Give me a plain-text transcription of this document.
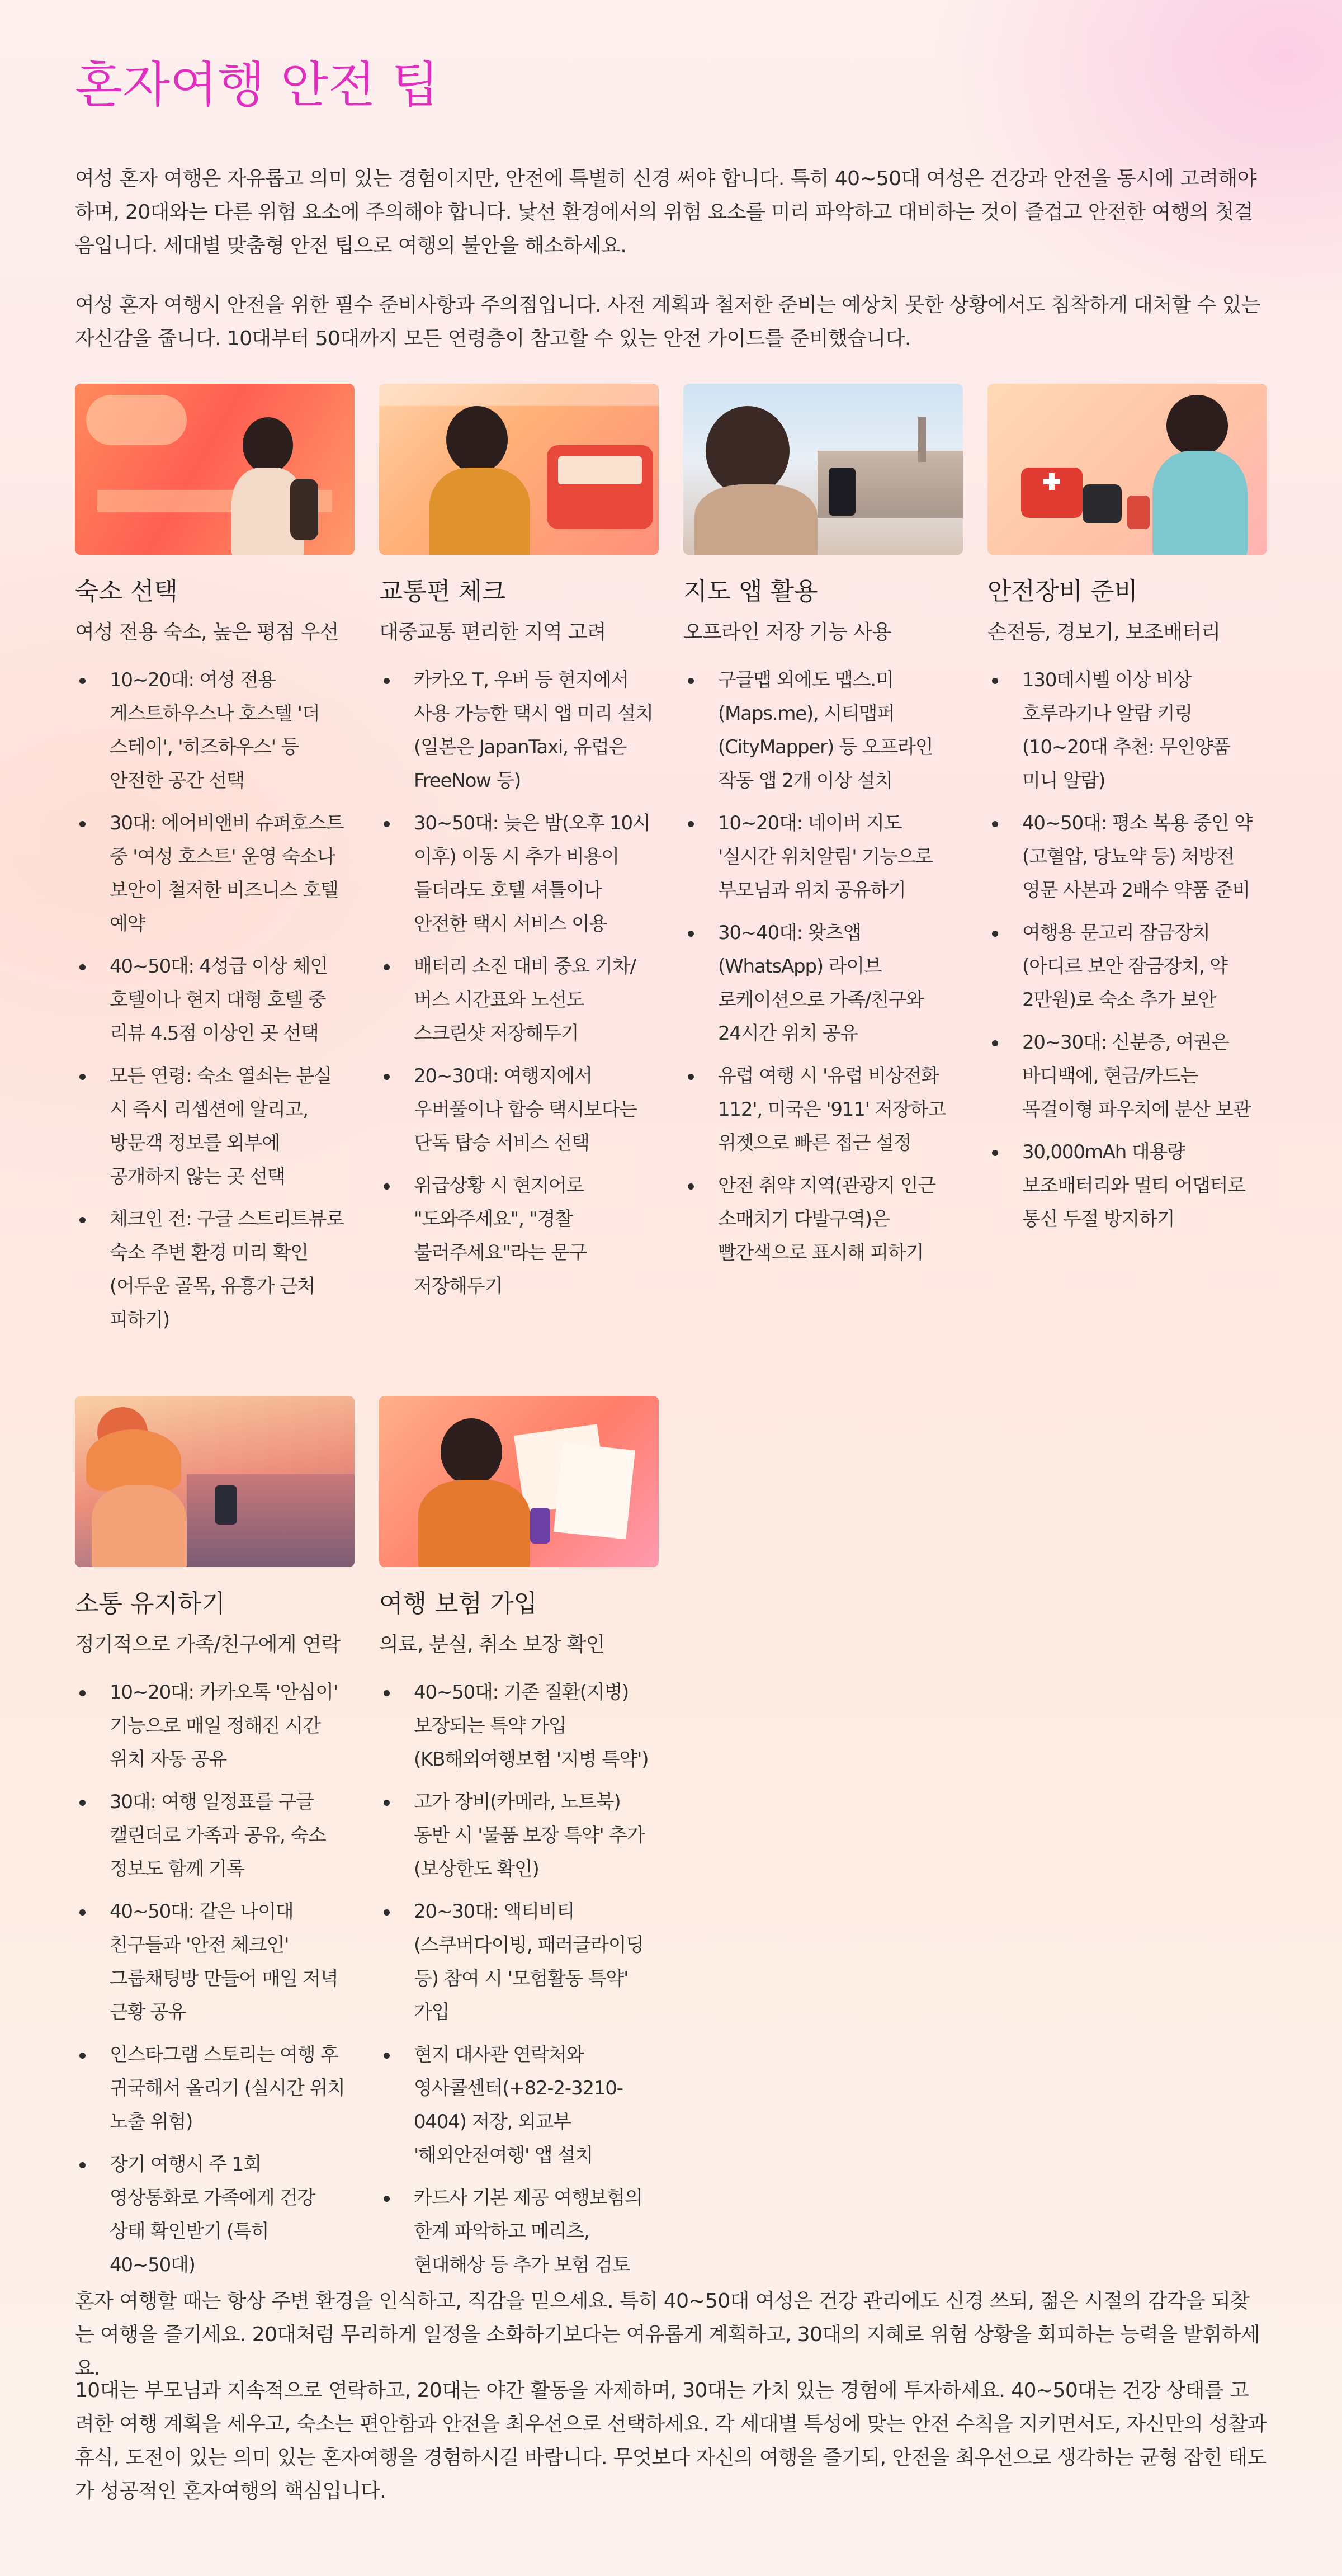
혼자여행 안전 팁

여성 혼자 여행은 자유롭고 의미 있는 경험이지만, 안전에 특별히 신경 써야 합니다. 특히 40~50대 여성은 건강과 안전을 동시에 고려해야 하며, 20대와는 다른 위험 요소에 주의해야 합니다. 낯선 환경에서의 위험 요소를 미리 파악하고 대비하는 것이 즐겁고 안전한 여행의 첫걸음입니다. 세대별 맞춤형 안전 팁으로 여행의 불안을 해소하세요.

여성 혼자 여행시 안전을 위한 필수 준비사항과 주의점입니다. 사전 계획과 철저한 준비는 예상치 못한 상황에서도 침착하게 대처할 수 있는 자신감을 줍니다. 10대부터 50대까지 모든 연령층이 참고할 수 있는 안전 가이드를 준비했습니다.

숙소 선택
여성 전용 숙소, 높은 평점 우선
10~20대: 여성 전용 게스트하우스나 호스텔 '더 스테이', '히즈하우스' 등 안전한 공간 선택
30대: 에어비앤비 슈퍼호스트 중 '여성 호스트' 운영 숙소나 보안이 철저한 비즈니스 호텔 예약
40~50대: 4성급 이상 체인 호텔이나 현지 대형 호텔 중 리뷰 4.5점 이상인 곳 선택
모든 연령: 숙소 열쇠는 분실 시 즉시 리셉션에 알리고, 방문객 정보를 외부에 공개하지 않는 곳 선택
체크인 전: 구글 스트리트뷰로 숙소 주변 환경 미리 확인 (어두운 골목, 유흥가 근처 피하기)
교통편 체크
대중교통 편리한 지역 고려
카카오 T, 우버 등 현지에서 사용 가능한 택시 앱 미리 설치 (일본은 JapanTaxi, 유럽은 FreeNow 등)
30~50대: 늦은 밤(오후 10시 이후) 이동 시 추가 비용이 들더라도 호텔 셔틀이나 안전한 택시 서비스 이용
배터리 소진 대비 중요 기차/버스 시간표와 노선도 스크린샷 저장해두기
20~30대: 여행지에서 우버풀이나 합승 택시보다는 단독 탑승 서비스 선택
위급상황 시 현지어로 "도와주세요", "경찰 불러주세요"라는 문구 저장해두기
지도 앱 활용
오프라인 저장 기능 사용
구글맵 외에도 맵스.미(Maps.me), 시티맵퍼(CityMapper) 등 오프라인 작동 앱 2개 이상 설치
10~20대: 네이버 지도 '실시간 위치알림' 기능으로 부모님과 위치 공유하기
30~40대: 왓츠앱(WhatsApp) 라이브 로케이션으로 가족/친구와 24시간 위치 공유
유럽 여행 시 '유럽 비상전화 112', 미국은 '911' 저장하고 위젯으로 빠른 접근 설정
안전 취약 지역(관광지 인근 소매치기 다발구역)은 빨간색으로 표시해 피하기
안전장비 준비
손전등, 경보기, 보조배터리
130데시벨 이상 비상 호루라기나 알람 키링(10~20대 추천: 무인양품 미니 알람)
40~50대: 평소 복용 중인 약(고혈압, 당뇨약 등) 처방전 영문 사본과 2배수 약품 준비
여행용 문고리 잠금장치(아디르 보안 잠금장치, 약 2만원)로 숙소 추가 보안
20~30대: 신분증, 여권은 바디백에, 현금/카드는 목걸이형 파우치에 분산 보관
30,000mAh 대용량 보조배터리와 멀티 어댑터로 통신 두절 방지하기
소통 유지하기
정기적으로 가족/친구에게 연락
10~20대: 카카오톡 '안심이' 기능으로 매일 정해진 시간 위치 자동 공유
30대: 여행 일정표를 구글 캘린더로 가족과 공유, 숙소 정보도 함께 기록
40~50대: 같은 나이대 친구들과 '안전 체크인' 그룹채팅방 만들어 매일 저녁 근황 공유
인스타그램 스토리는 여행 후 귀국해서 올리기 (실시간 위치 노출 위험)
장기 여행시 주 1회 영상통화로 가족에게 건강 상태 확인받기 (특히 40~50대)
여행 보험 가입
의료, 분실, 취소 보장 확인
40~50대: 기존 질환(지병) 보장되는 특약 가입 (KB해외여행보험 '지병 특약')
고가 장비(카메라, 노트북) 동반 시 '물품 보장 특약' 추가 (보상한도 확인)
20~30대: 액티비티(스쿠버다이빙, 패러글라이딩 등) 참여 시 '모험활동 특약' 가입
현지 대사관 연락처와 영사콜센터(+82-2-3210-0404) 저장, 외교부 '해외안전여행' 앱 설치
카드사 기본 제공 여행보험의 한계 파악하고 메리츠, 현대해상 등 추가 보험 검토

혼자 여행할 때는 항상 주변 환경을 인식하고, 직감을 믿으세요. 특히 40~50대 여성은 건강 관리에도 신경 쓰되, 젊은 시절의 감각을 되찾는 여행을 즐기세요. 20대처럼 무리하게 일정을 소화하기보다는 여유롭게 계획하고, 30대의 지혜로 위험 상황을 회피하는 능력을 발휘하세요.

10대는 부모님과 지속적으로 연락하고, 20대는 야간 활동을 자제하며, 30대는 가치 있는 경험에 투자하세요. 40~50대는 건강 상태를 고려한 여행 계획을 세우고, 숙소는 편안함과 안전을 최우선으로 선택하세요. 각 세대별 특성에 맞는 안전 수칙을 지키면서도, 자신만의 성찰과 휴식, 도전이 있는 의미 있는 혼자여행을 경험하시길 바랍니다. 무엇보다 자신의 여행을 즐기되, 안전을 최우선으로 생각하는 균형 잡힌 태도가 성공적인 혼자여행의 핵심입니다.
